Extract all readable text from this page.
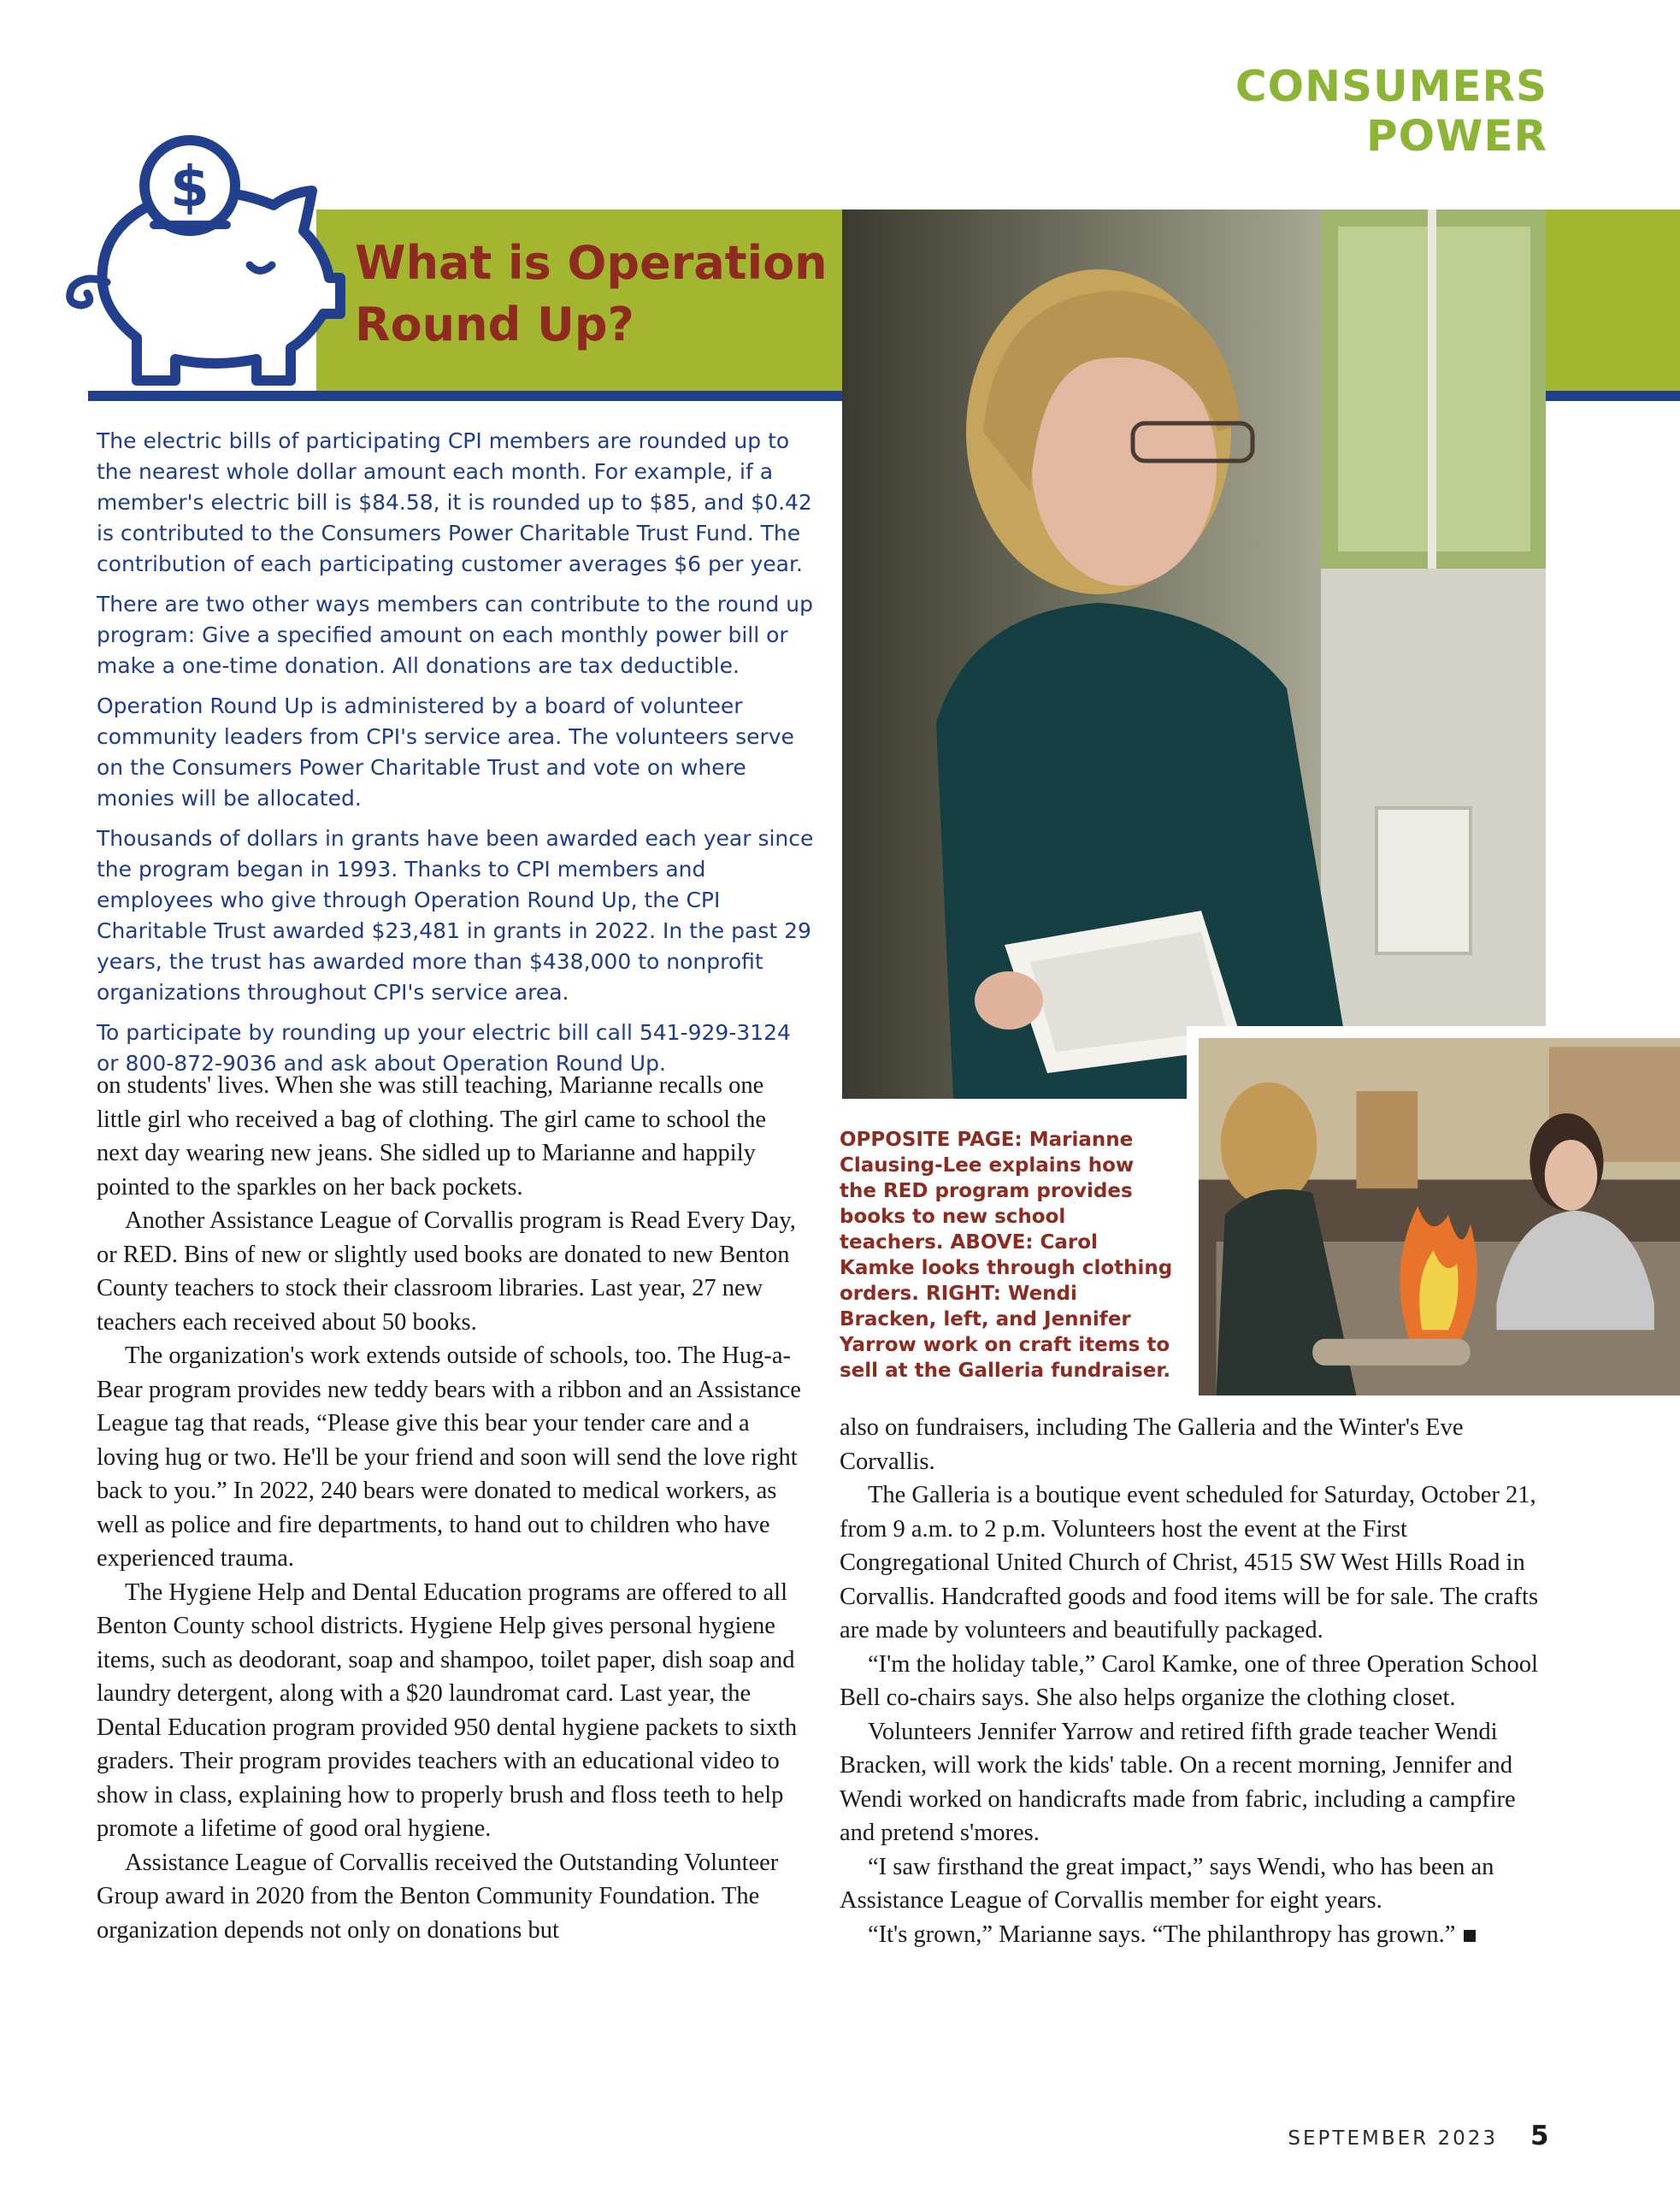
CONSUMERS POWER
$
What is Operation Round Up?

The electric bills of participating CPI members are rounded up to the nearest whole dollar amount each month. For example, if a member's electric bill is $84.58, it is rounded up to $85, and $0.42 is contributed to the Consumers Power Charitable Trust Fund. The contribution of each participating customer averages $6 per year.

There are two other ways members can contribute to the round up program: Give a specified amount on each monthly power bill or make a one-time donation. All donations are tax deductible.

Operation Round Up is administered by a board of volunteer community leaders from CPI's service area. The volunteers serve on the Consumers Power Charitable Trust and vote on where monies will be allocated.

Thousands of dollars in grants have been awarded each year since the program began in 1993. Thanks to CPI members and employees who give through Operation Round Up, the CPI Charitable Trust awarded $23,481 in grants in 2022. In the past 29 years, the trust has awarded more than $438,000 to nonprofit organizations throughout CPI's service area.

To participate by rounding up your electric bill call 541-929-3124 or 800-872-9036 and ask about Operation Round Up.

OPPOSITE PAGE: Marianne Clausing-Lee explains how the RED program provides books to new school teachers. ABOVE: Carol Kamke looks through clothing orders. RIGHT: Wendi Bracken, left, and Jennifer Yarrow work on craft items to sell at the Galleria fundraiser.

on students' lives. When she was still teaching, Marianne recalls one little girl who received a bag of clothing. The girl came to school the next day wearing new jeans. She sidled up to Marianne and happily pointed to the sparkles on her back pockets.

Another Assistance League of Corvallis program is Read Every Day, or RED. Bins of new or slightly used books are donated to new Benton County teachers to stock their classroom libraries. Last year, 27 new teachers each received about 50 books.

The organization's work extends outside of schools, too. The Hug-a-Bear program provides new teddy bears with a ribbon and an Assistance League tag that reads, “Please give this bear your tender care and a loving hug or two. He'll be your friend and soon will send the love right back to you.” In 2022, 240 bears were donated to medical workers, as well as police and fire departments, to hand out to children who have experienced trauma.

The Hygiene Help and Dental Education programs are offered to all Benton County school districts. Hygiene Help gives personal hygiene items, such as deodorant, soap and shampoo, toilet paper, dish soap and laundry detergent, along with a $20 laundromat card. Last year, the Dental Education program provided 950 dental hygiene packets to sixth graders. Their program provides teachers with an educational video to show in class, explaining how to properly brush and floss teeth to help promote a lifetime of good oral hygiene.

Assistance League of Corvallis received the Outstanding Volunteer Group award in 2020 from the Benton Community Foundation. The organization depends not only on donations but

also on fundraisers, including The Galleria and the Winter's Eve Corvallis.

The Galleria is a boutique event scheduled for Saturday, October 21, from 9 a.m. to 2 p.m. Volunteers host the event at the First Congregational United Church of Christ, 4515 SW West Hills Road in Corvallis. Handcrafted goods and food items will be for sale. The crafts are made by volunteers and beautifully packaged.

“I'm the holiday table,” Carol Kamke, one of three Operation School Bell co-chairs says. She also helps organize the clothing closet.

Volunteers Jennifer Yarrow and retired fifth grade teacher Wendi Bracken, will work the kids' table. On a recent morning, Jennifer and Wendi worked on handicrafts made from fabric, including a campfire and pretend s'mores.

“I saw firsthand the great impact,” says Wendi, who has been an Assistance League of Corvallis member for eight years.

“It's grown,” Marianne says. “The philanthropy has grown.”

SEPTEMBER 2023 5
